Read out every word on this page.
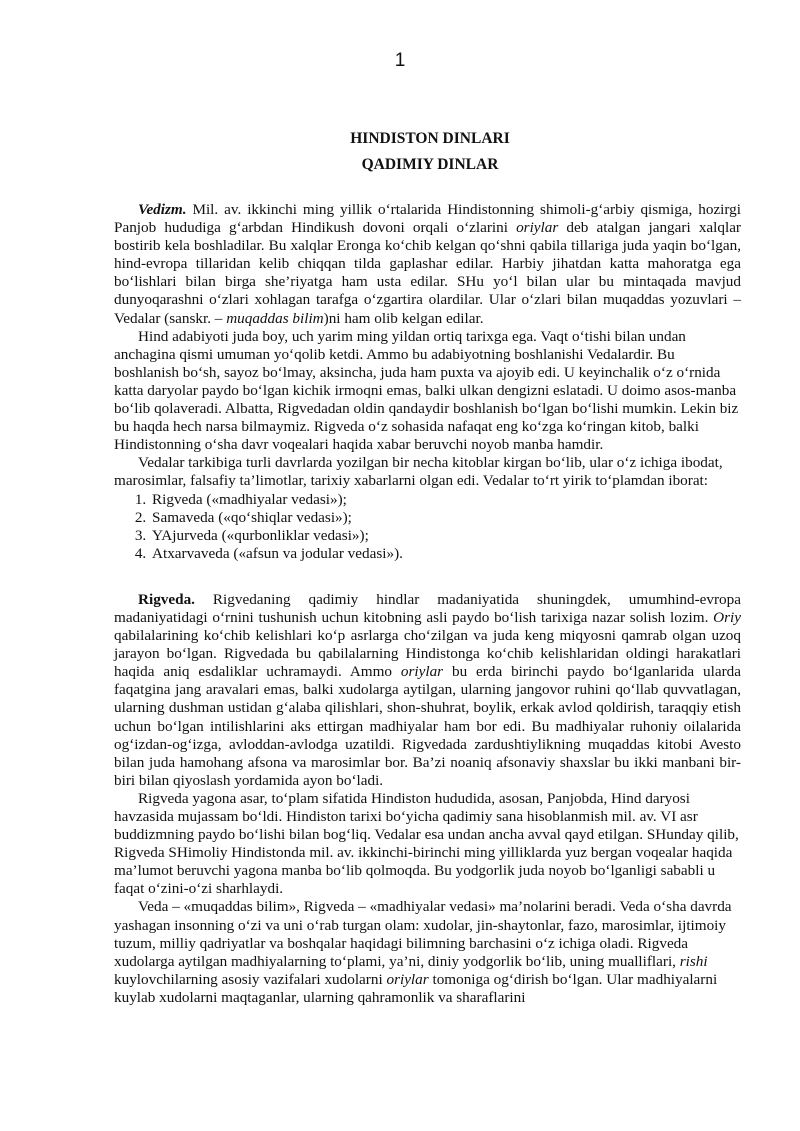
1
HINDISTON DINLARI
QADIMIY DINLAR

Vedizm. Mil. av. ikkinchi ming yillik o‘rtalarida Hindistonning shimoli-g‘arbiy qismiga, hozirgi Panjob hududiga g‘arbdan Hindikush dovoni orqali o‘zlarini oriylar deb atalgan jangari xalqlar bostirib kela boshladilar. Bu xalqlar Eronga ko‘chib kelgan qo‘shni qabila tillariga juda yaqin bo‘lgan, hind-evropa tillaridan kelib chiqqan tilda gaplashar edilar. Harbiy jihatdan katta mahoratga ega bo‘lishlari bilan birga she’riyatga ham usta edilar. SHu yo‘l bilan ular bu mintaqada mavjud dunyoqarashni o‘zlari xohlagan tarafga o‘zgartira olardilar. Ular o‘zlari bilan muqaddas yozuvlari – Vedalar (sanskr. – muqaddas bilim)ni ham olib kelgan edilar.

Hind adabiyoti juda boy, uch yarim ming yildan ortiq tarixga ega. Vaqt o‘tishi bilan undan anchagina qismi umuman yo‘qolib ketdi. Ammo bu adabiyotning boshlanishi Vedalardir. Bu boshlanish bo‘sh, sayoz bo‘lmay, aksincha, juda ham puxta va ajoyib edi. U keyinchalik o‘z o‘rnida katta daryolar paydo bo‘lgan kichik irmoqni emas, balki ulkan dengizni eslatadi. U doimo asos-manba bo‘lib qolaveradi. Albatta, Rigvedadan oldin qandaydir boshlanish bo‘lgan bo‘lishi mumkin. Lekin biz bu haqda hech narsa bilmaymiz. Rigveda o‘z sohasida nafaqat eng ko‘zga ko‘ringan kitob, balki Hindistonning o‘sha davr voqealari haqida xabar beruvchi noyob manba hamdir.

Vedalar tarkibiga turli davrlarda yozilgan bir necha kitoblar kirgan bo‘lib, ular o‘z ichiga ibodat, marosimlar, falsafiy ta’limotlar, tarixiy xabarlarni olgan edi. Vedalar to‘rt yirik to‘plamdan iborat:

1. Rigveda («madhiyalar vedasi»);
2. Samaveda («qo‘shiqlar vedasi»);
3. YAjurveda («qurbonliklar vedasi»);
4. Atxarvaveda («afsun va jodular vedasi»).

Rigveda. Rigvedaning qadimiy hindlar madaniyatida shuningdek, umumhind-evropa madaniyatidagi o‘rnini tushunish uchun kitobning asli paydo bo‘lish tarixiga nazar solish lozim. Oriy qabilalarining ko‘chib kelishlari ko‘p asrlarga cho‘zilgan va juda keng miqyosni qamrab olgan uzoq jarayon bo‘lgan. Rigvedada bu qabilalarning Hindistonga ko‘chib kelishlaridan oldingi harakatlari haqida aniq esdaliklar uchramaydi. Ammo oriylar bu erda birinchi paydo bo‘lganlarida ularda faqatgina jang aravalari emas, balki xudolarga aytilgan, ularning jangovor ruhini qo‘llab quvvatlagan, ularning dushman ustidan g‘alaba qilishlari, shon-shuhrat, boylik, erkak avlod qoldirish, taraqqiy etish uchun bo‘lgan intilishlarini aks ettirgan madhiyalar ham bor edi. Bu madhiyalar ruhoniy oilalarida og‘izdan-og‘izga, avloddan-avlodga uzatildi. Rigvedada zardushtiylikning muqaddas kitobi Avesto bilan juda hamohang afsona va marosimlar bor. Ba’zi noaniq afsonaviy shaxslar bu ikki manbani bir-biri bilan qiyoslash yordamida ayon bo‘ladi.

Rigveda yagona asar, to‘plam sifatida Hindiston hududida, asosan, Panjobda, Hind daryosi havzasida mujassam bo‘ldi. Hindiston tarixi bo‘yicha qadimiy sana hisoblanmish mil. av. VI asr buddizmning paydo bo‘lishi bilan bog‘liq. Vedalar esa undan ancha avval qayd etilgan. SHunday qilib, Rigveda SHimoliy Hindistonda mil. av. ikkinchi-birinchi ming yilliklarda yuz bergan voqealar haqida ma’lumot beruvchi yagona manba bo‘lib qolmoqda. Bu yodgorlik juda noyob bo‘lganligi sababli u faqat o‘zini-o‘zi sharhlaydi.

Veda – «muqaddas bilim», Rigveda – «madhiyalar vedasi» ma’nolarini beradi. Veda o‘sha davrda yashagan insonning o‘zi va uni o‘rab turgan olam: xudolar, jin-shaytonlar, fazo, marosimlar, ijtimoiy tuzum, milliy qadriyatlar va boshqalar haqidagi bilimning barchasini o‘z ichiga oladi. Rigveda xudolarga aytilgan madhiyalarning to‘plami, ya’ni, diniy yodgorlik bo‘lib, uning mualliflari, rishi kuylovchilarning asosiy vazifalari xudolarni oriylar tomoniga og‘dirish bo‘lgan. Ular madhiyalarni kuylab xudolarni maqtaganlar, ularning qahramonlik va sharaflarini
